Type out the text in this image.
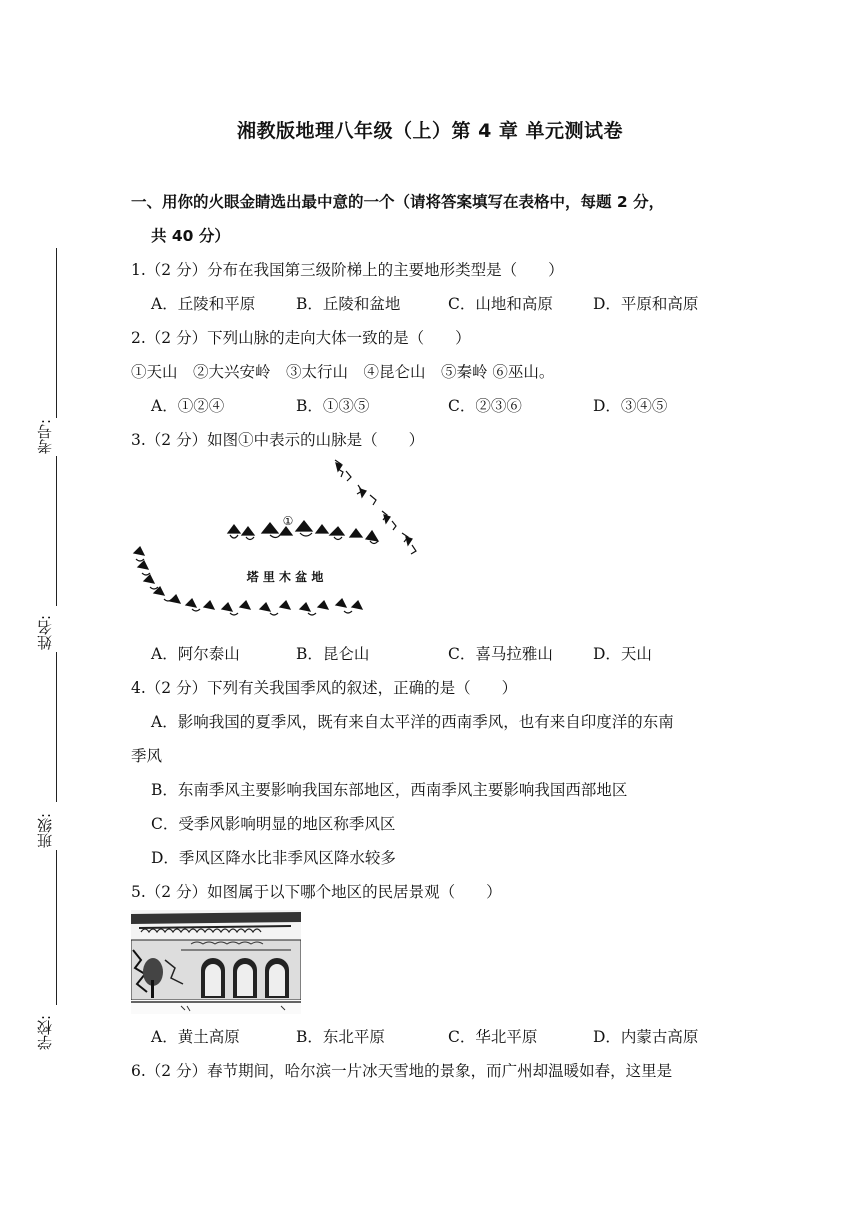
考号:
姓名:
班级:
学校:
湘教版地理八年级（上）第 4 章 单元测试卷
一、用你的火眼金睛选出最中意的一个（请将答案填写在表格中，每题 2 分，
共 40 分）
1.（2 分）分布在我国第三级阶梯上的主要地形类型是（　　）
A．丘陵和平原	B．丘陵和盆地	C．山地和高原	D．平原和高原
2.（2 分）下列山脉的走向大体一致的是（　　）
①天山　②大兴安岭　③太行山　④昆仑山　⑤秦岭 ⑥巫山。
A．①②④	B．①③⑤	C．②③⑥	D．③④⑤
3.（2 分）如图①中表示的山脉是（　　）
①
塔 里 木 盆 地
A．阿尔泰山	B．昆仑山	C．喜马拉雅山	D．天山
4.（2 分）下列有关我国季风的叙述，正确的是（　　）
A．影响我国的夏季风，既有来自太平洋的西南季风，也有来自印度洋的东南
季风
B．东南季风主要影响我国东部地区，西南季风主要影响我国西部地区
C．受季风影响明显的地区称季风区
D．季风区降水比非季风区降水较多
5.（2 分）如图属于以下哪个地区的民居景观（　　）
A．黄土高原	B．东北平原	C．华北平原	D．内蒙古高原
6.（2 分）春节期间，哈尔滨一片冰天雪地的景象，而广州却温暖如春，这里是
